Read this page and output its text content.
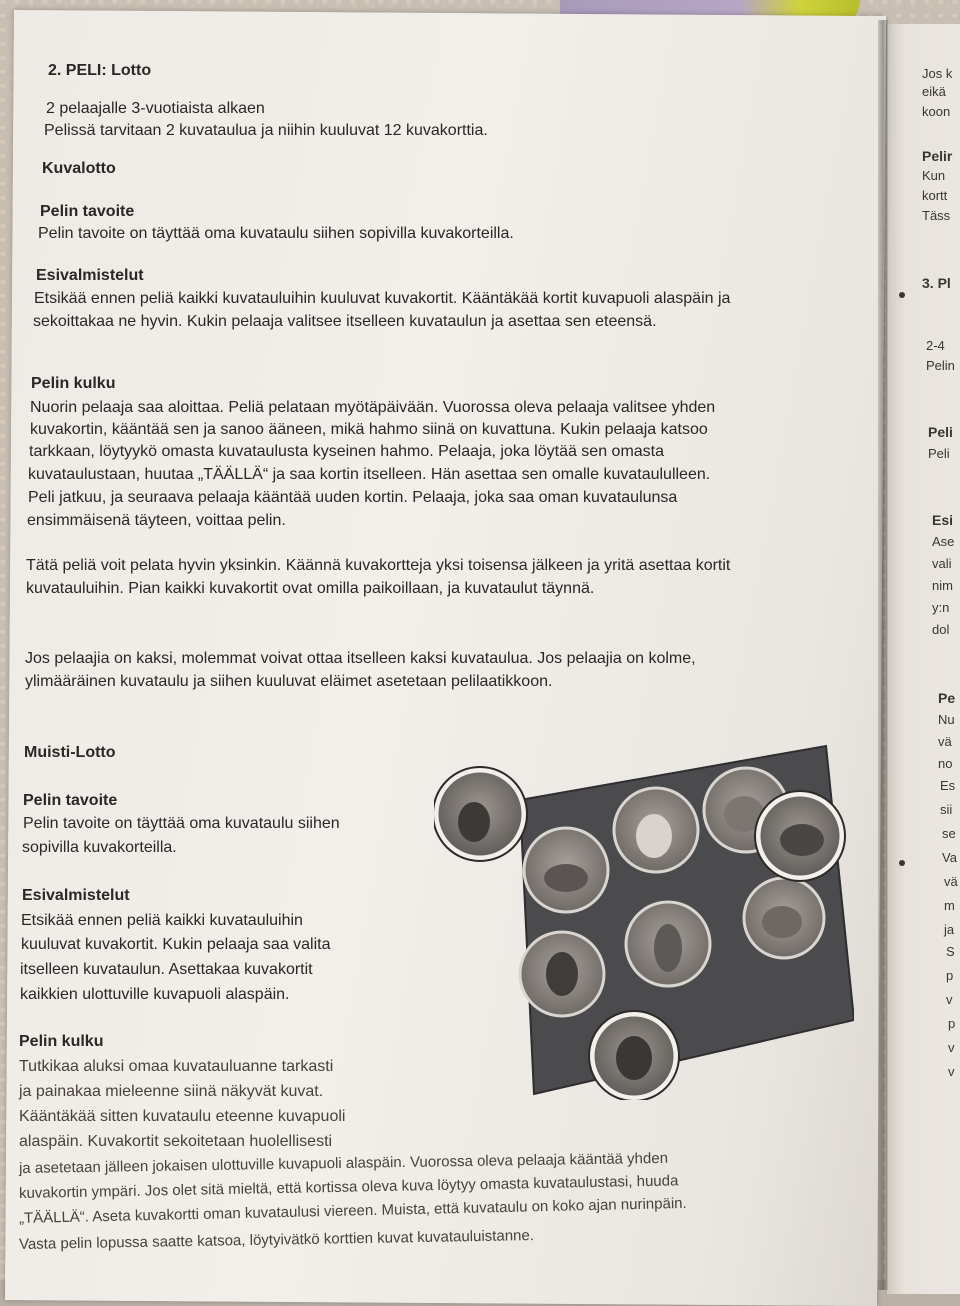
2. PELI: Lotto

2 pelaajalle 3-vuotiaista alkaen

Pelissä tarvitaan 2 kuvataulua ja niihin kuuluvat 12 kuvakorttia.

Kuvalotto

Pelin tavoite

Pelin tavoite on täyttää oma kuvataulu siihen sopivilla kuvakorteilla.

Esivalmistelut

Etsikää ennen peliä kaikki kuvatauluihin kuuluvat kuvakortit. Kääntäkää kortit kuvapuoli alaspäin ja

sekoittakaa ne hyvin. Kukin pelaaja valitsee itselleen kuvataulun ja asettaa sen eteensä.

Pelin kulku

Nuorin pelaaja saa aloittaa. Peliä pelataan myötäpäivään. Vuorossa oleva pelaaja valitsee yhden

kuvakortin, kääntää sen ja sanoo ääneen, mikä hahmo siinä on kuvattuna. Kukin pelaaja katsoo

tarkkaan, löytyykö omasta kuvataulusta kyseinen hahmo. Pelaaja, joka löytää sen omasta

kuvataulustaan, huutaa „TÄÄLLÄ“ ja saa kortin itselleen. Hän asettaa sen omalle kuvataululleen.

Peli jatkuu, ja seuraava pelaaja kääntää uuden kortin. Pelaaja, joka saa oman kuvataulunsa

ensimmäisenä täyteen, voittaa pelin.

Tätä peliä voit pelata hyvin yksinkin. Käännä kuvakortteja yksi toisensa jälkeen ja yritä asettaa kortit

kuvatauluihin. Pian kaikki kuvakortit ovat omilla paikoillaan, ja kuvataulut täynnä.

Jos pelaajia on kaksi, molemmat voivat ottaa itselleen kaksi kuvataulua. Jos pelaajia on kolme,

ylimääräinen kuvataulu ja siihen kuuluvat eläimet asetetaan pelilaatikkoon.

Muisti-Lotto

Pelin tavoite

Pelin tavoite on täyttää oma kuvataulu siihen

sopivilla kuvakorteilla.

Esivalmistelut

Etsikää ennen peliä kaikki kuvatauluihin

kuuluvat kuvakortit. Kukin pelaaja saa valita

itselleen kuvataulun. Asettakaa kuvakortit

kaikkien ulottuville kuvapuoli alaspäin.

Pelin kulku

Tutkikaa aluksi omaa kuvatauluanne tarkasti

ja painakaa mieleenne siinä näkyvät kuvat.

Kääntäkää sitten kuvataulu eteenne kuvapuoli

alaspäin. Kuvakortit sekoitetaan huolellisesti

ja asetetaan jälleen jokaisen ulottuville kuvapuoli alaspäin. Vuorossa oleva pelaaja kääntää yhden

kuvakortin ympäri. Jos olet sitä mieltä, että kortissa oleva kuva löytyy omasta kuvataulustasi, huuda

„TÄÄLLÄ“. Aseta kuvakortti oman kuvataulusi viereen. Muista, että kuvataulu on koko ajan nurinpäin.

Vasta pelin lopussa saatte katsoa, löytyivätkö korttien kuvat kuvatauluistanne.

Jos k

eikä

koon

Pelir

Kun

kortt

Täss

3. Pl

2-4

Pelin

Peli

Peli

Esi

Ase

vali

nim

y:n

dol

Pe

Nu

vä

no

Es

sii

se

Va

vä

m

ja

S

p

v

p

v

v
